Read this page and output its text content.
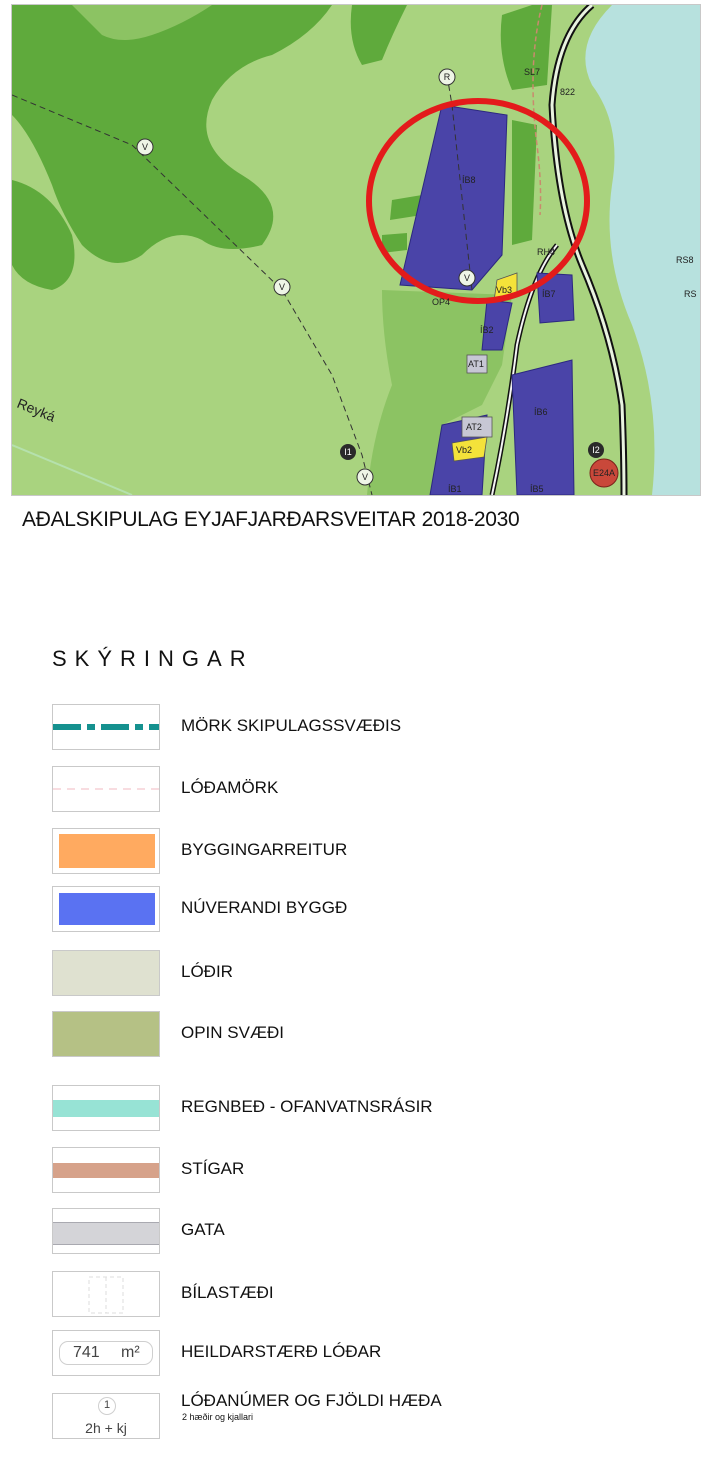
R
V
V
V
V
I1	I2
E24A
SL7
822
ÍB8
RH4
RS8
RS
Vb3	ÍB7
OP4
ÍB2
AT1
ÍB6
AT2
Vb2
ÍB1	ÍB5
Reyká
AÐALSKIPULAG EYJAFJARÐARSVEITAR 2018-2030
SKÝRINGAR
MÖRK SKIPULAGSSVÆÐIS
LÓÐAMÖRK
BYGGINGARREITUR
NÚVERANDI BYGGÐ
LÓÐIR
OPIN SVÆÐI
REGNBEÐ - OFANVATNSRÁSIR
STÍGAR
GATA
BÍLASTÆÐI
741 m² HEILDARSTÆRÐ LÓÐAR
1
2h + kj
LÓÐANÚMER OG FJÖLDI HÆÐA
2 hæðir og kjallari
